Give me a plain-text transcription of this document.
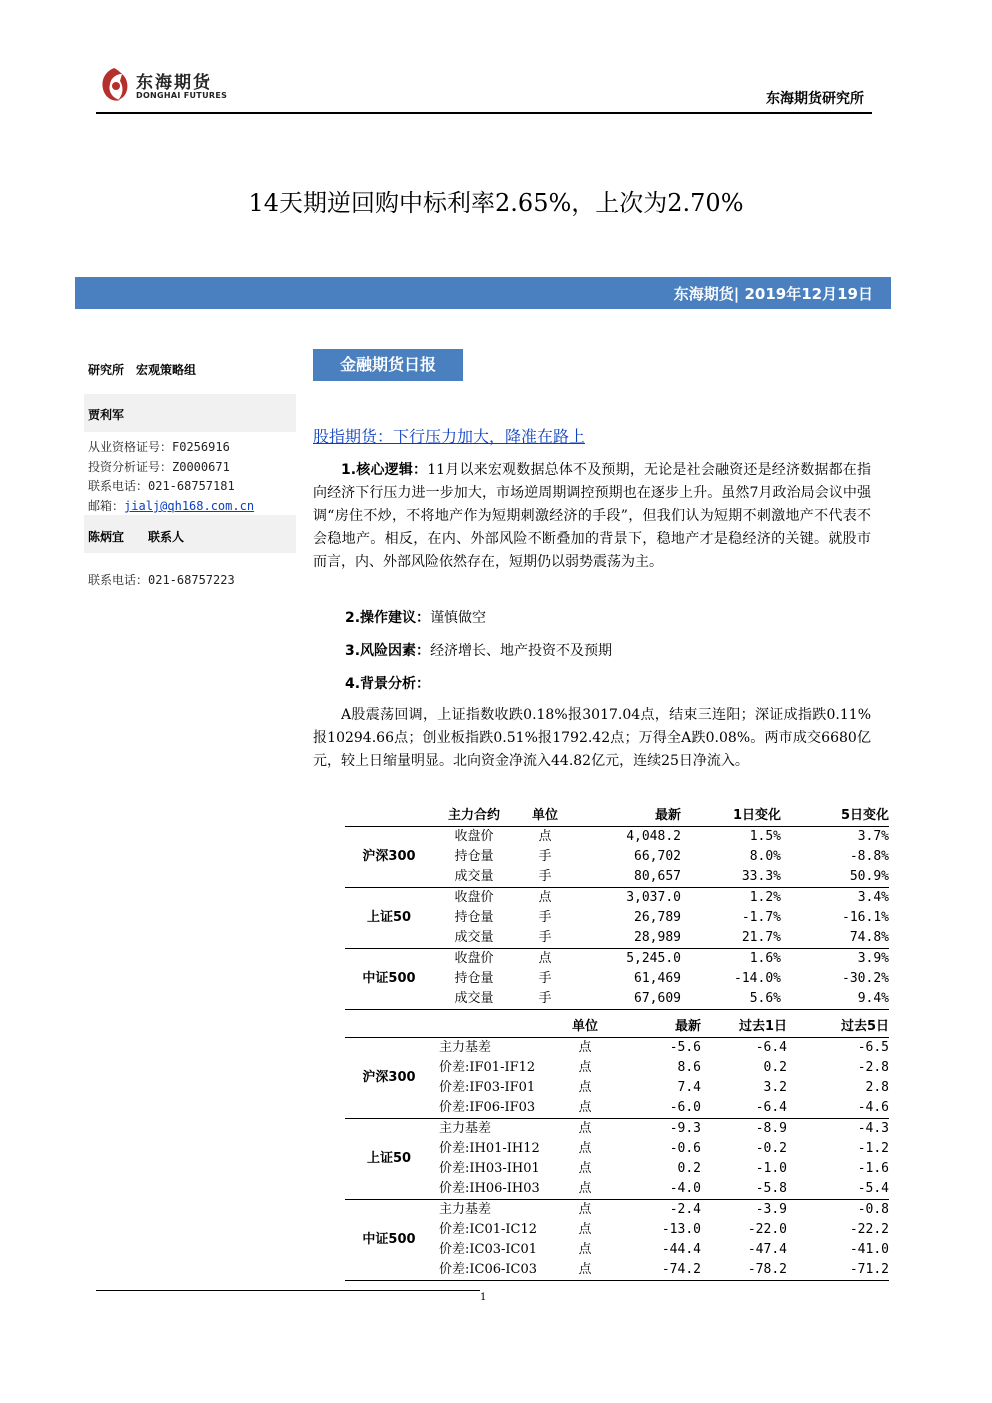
东海期货
DONGHAI FUTURES	东海期货研究所
14天期逆回购中标利率2.65%，上次为2.70%
东海期货| 2019年12月19日
研究所　宏观策略组
贾利军
从业资格证号：F0256916
投资分析证号：Z0000671
联系电话：021-68757181
邮箱：jialj@qh168.com.cn
陈炳宜　　联系人
联系电话：021-68757223
金融期货日报
股指期货：下行压力加大，降准在路上
1.核心逻辑：11月以来宏观数据总体不及预期，无论是社会融资还是经济数据都在指向经济下行压力进一步加大，市场逆周期调控预期也在逐步上升。虽然7月政治局会议中强调“房住不炒，不将地产作为短期刺激经济的手段”，但我们认为短期不刺激地产不代表不会稳地产。相反，在内、外部风险不断叠加的背景下，稳地产才是稳经济的关键。就股市而言，内、外部风险依然存在，短期仍以弱势震荡为主。
2.操作建议：谨慎做空
3.风险因素：经济增长、地产投资不及预期
4.背景分析：
A股震荡回调，上证指数收跌0.18%报3017.04点，结束三连阳；深证成指跌0.11%报10294.66点；创业板指跌0.51%报1792.42点；万得全A跌0.08%。两市成交6680亿元，较上日缩量明显。北向资金净流入44.82亿元，连续25日净流入。
	主力合约	单位	最新	1日变化	5日变化
沪深300	收盘价	点	4,048.2	1.5%	3.7%
	持仓量	手	66,702	8.0%	-8.8%
	成交量	手	80,657	33.3%	50.9%
上证50	收盘价	点	3,037.0	1.2%	3.4%
	持仓量	手	26,789	-1.7%	-16.1%
	成交量	手	28,989	21.7%	74.8%
中证500	收盘价	点	5,245.0	1.6%	3.9%
	持仓量	手	61,469	-14.0%	-30.2%
	成交量	手	67,609	5.6%	9.4%
		单位	最新	过去1日	过去5日
沪深300	主力基差	点	-5.6	-6.4	-6.5
	价差:IF01-IF12	点	8.6	0.2	-2.8
	价差:IF03-IF01	点	7.4	3.2	2.8
	价差:IF06-IF03	点	-6.0	-6.4	-4.6
上证50	主力基差	点	-9.3	-8.9	-4.3
	价差:IH01-IH12	点	-0.6	-0.2	-1.2
	价差:IH03-IH01	点	0.2	-1.0	-1.6
	价差:IH06-IH03	点	-4.0	-5.8	-5.4
中证500	主力基差	点	-2.4	-3.9	-0.8
	价差:IC01-IC12	点	-13.0	-22.0	-22.2
	价差:IC03-IC01	点	-44.4	-47.4	-41.0
	价差:IC06-IC03	点	-74.2	-78.2	-71.2
1
